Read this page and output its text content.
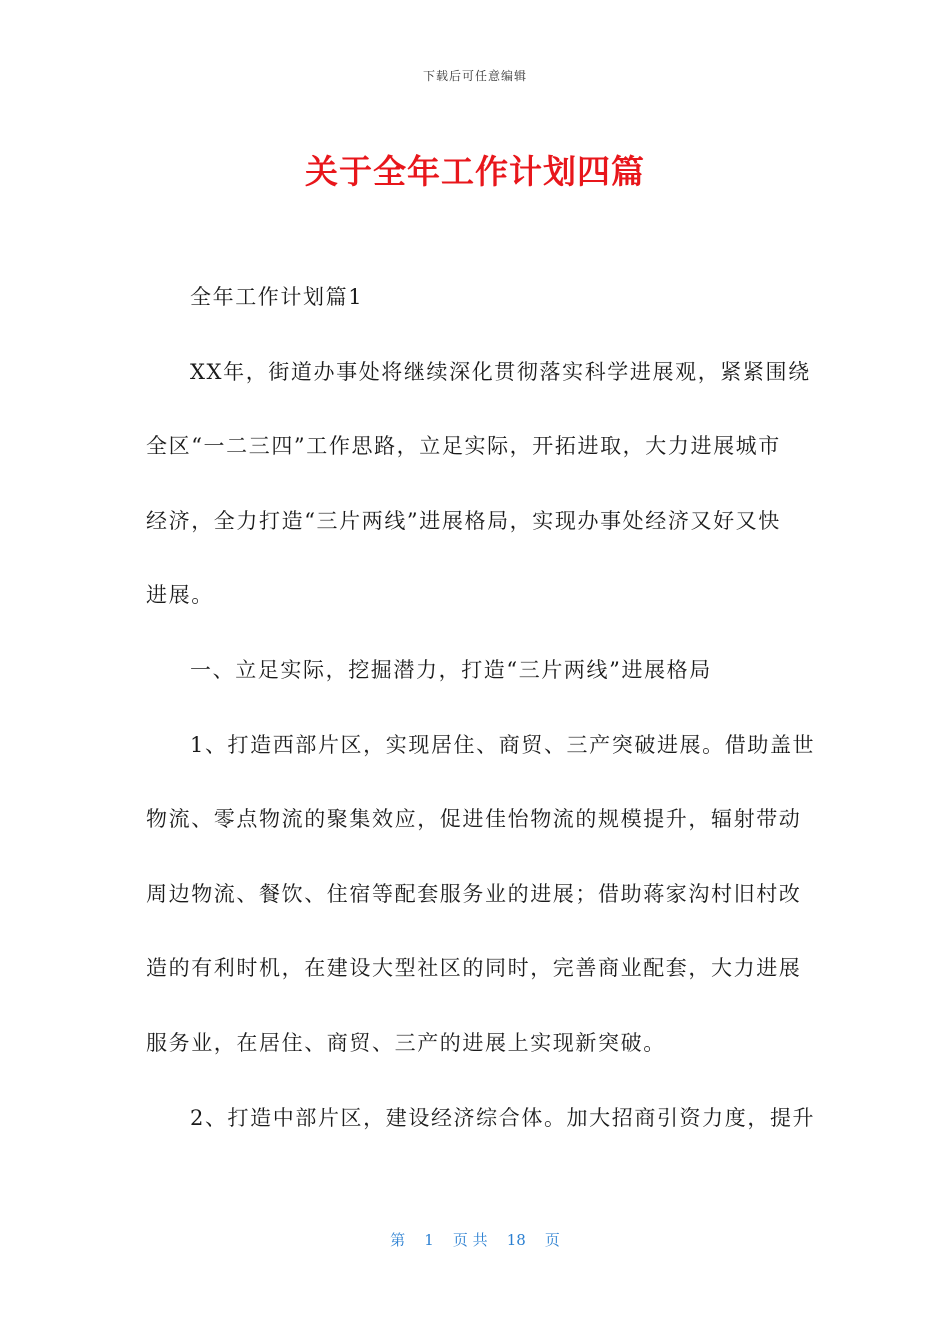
下载后可任意编辑
关于全年工作计划四篇
全年工作计划篇1
XX年，街道办事处将继续深化贯彻落实科学进展观，紧紧围绕
全区“一二三四”工作思路，立足实际，开拓进取，大力进展城市
经济，全力打造“三片两线”进展格局，实现办事处经济又好又快
进展。
一、立足实际，挖掘潜力，打造“三片两线”进展格局
1、打造西部片区，实现居住、商贸、三产突破进展。借助盖世
物流、零点物流的聚集效应，促进佳怡物流的规模提升，辐射带动
周边物流、餐饮、住宿等配套服务业的进展；借助蒋家沟村旧村改
造的有利时机，在建设大型社区的同时，完善商业配套，大力进展
服务业，在居住、商贸、三产的进展上实现新突破。
2、打造中部片区，建设经济综合体。加大招商引资力度，提升
第 1 页 共 18 页
